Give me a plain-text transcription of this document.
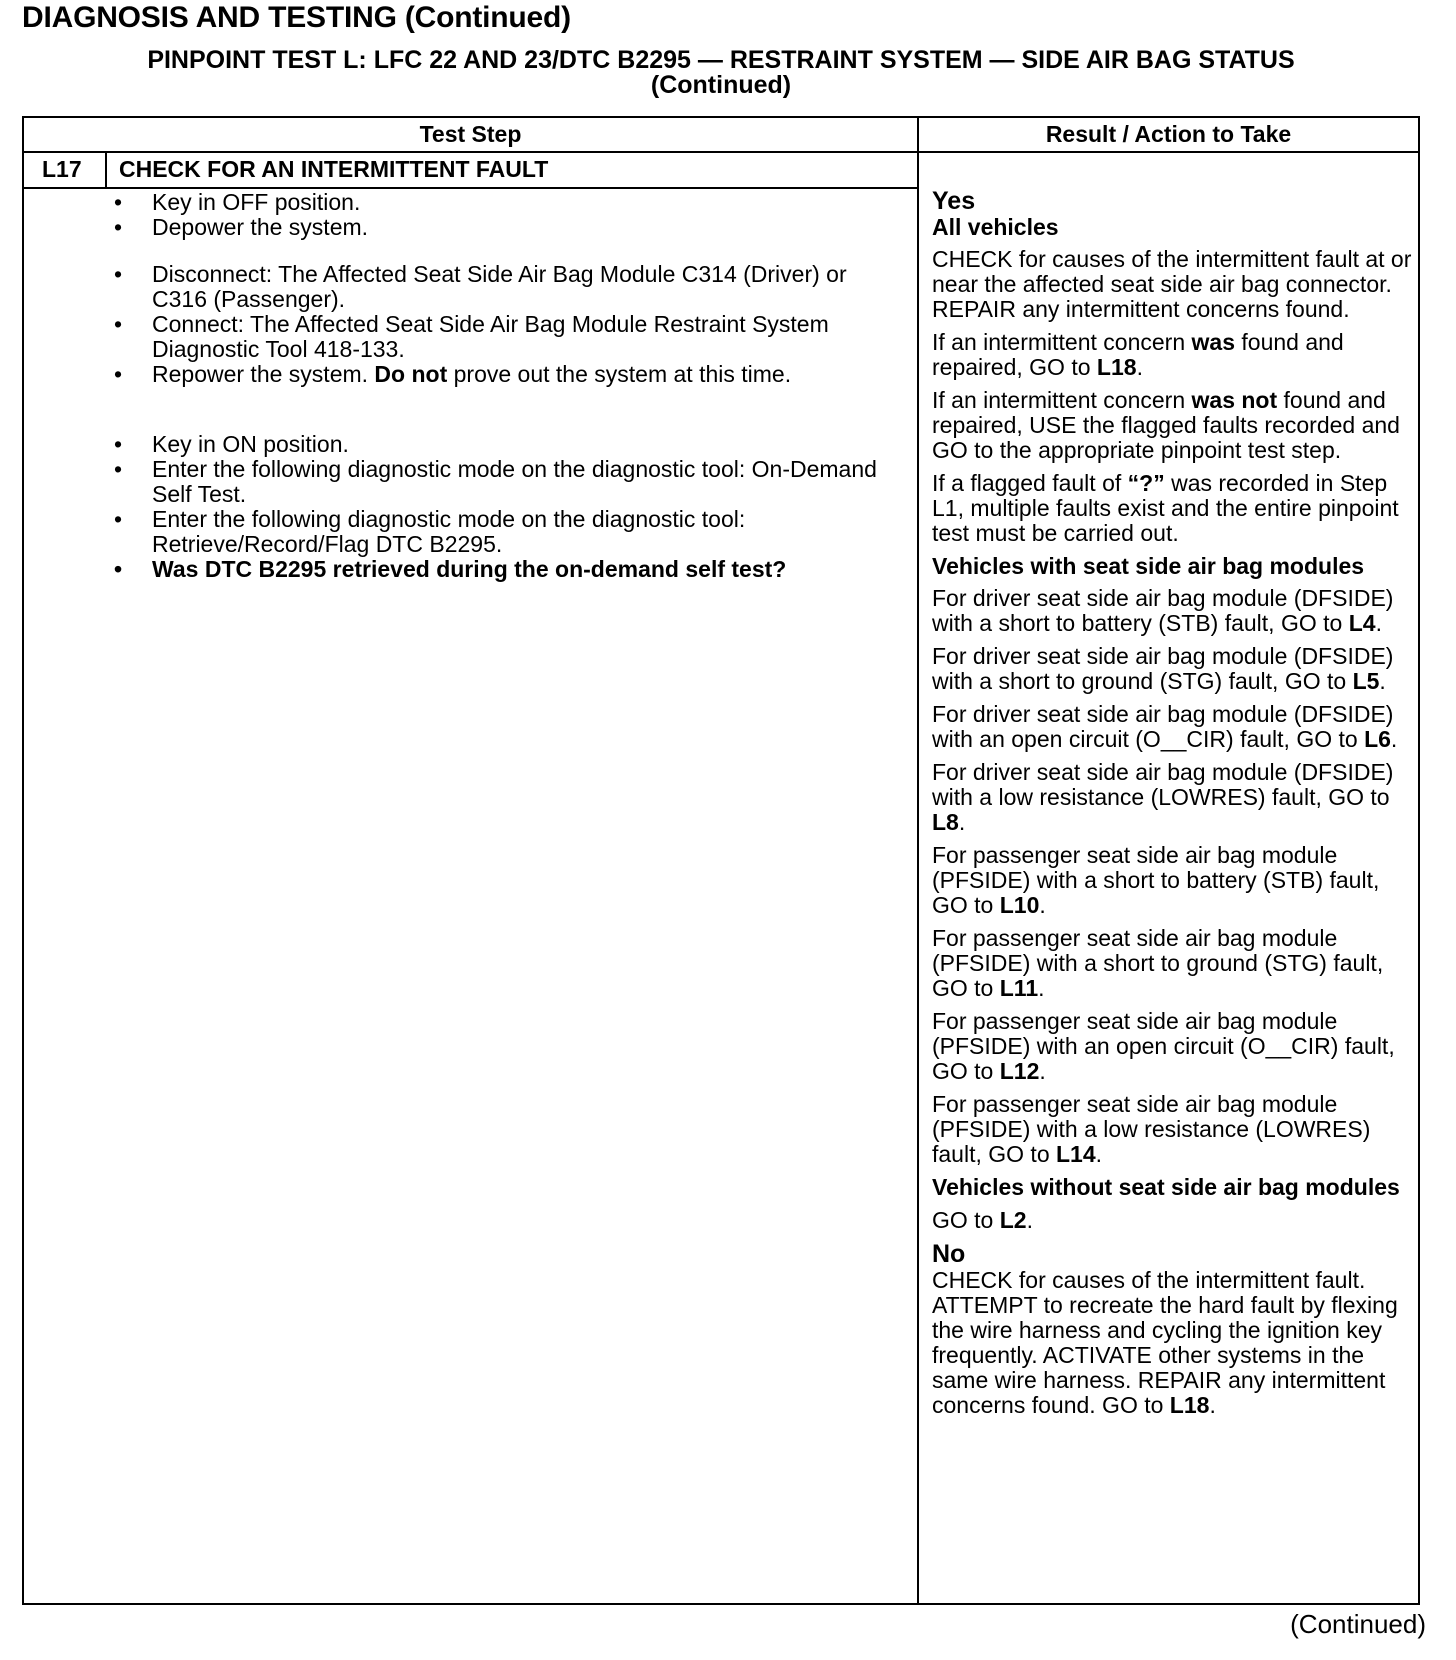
DIAGNOSIS AND TESTING (Continued)
PINPOINT TEST L: LFC 22 AND 23/DTC B2295 — RESTRAINT SYSTEM — SIDE AIR BAG STATUS
(Continued)
Test Step	Result / Action to Take
L17 CHECK FOR AN INTERMITTENT FAULT

• Key in OFF position.

• Depower the system.

• Disconnect: The Affected Seat Side Air Bag Module C314 (Driver) or C316 (Passenger).

• Connect: The Affected Seat Side Air Bag Module Restraint System Diagnostic Tool 418-133.

• Repower the system. Do not prove out the system at this time.

• Key in ON position.

• Enter the following diagnostic mode on the diagnostic tool: On-Demand Self Test.

• Enter the following diagnostic mode on the diagnostic tool: Retrieve/Record/Flag DTC B2295.

• Was DTC B2295 retrieved during the on-demand self test?

Yes

All vehicles

CHECK for causes of the intermittent fault at or near the affected seat side air bag connector. REPAIR any intermittent concerns found.

If an intermittent concern was found and repaired, GO to L18.

If an intermittent concern was not found and repaired, USE the flagged faults recorded and GO to the appropriate pinpoint test step.

If a flagged fault of “?” was recorded in Step L1, multiple faults exist and the entire pinpoint test must be carried out.

Vehicles with seat side air bag modules

For driver seat side air bag module (DFSIDE) with a short to battery (STB) fault, GO to L4.

For driver seat side air bag module (DFSIDE) with a short to ground (STG) fault, GO to L5.

For driver seat side air bag module (DFSIDE) with an open circuit (O__CIR) fault, GO to L6.

For driver seat side air bag module (DFSIDE) with a low resistance (LOWRES) fault, GO to L8.

For passenger seat side air bag module (PFSIDE) with a short to battery (STB) fault, GO to L10.

For passenger seat side air bag module (PFSIDE) with a short to ground (STG) fault, GO to L11.

For passenger seat side air bag module (PFSIDE) with an open circuit (O__CIR) fault, GO to L12.

For passenger seat side air bag module (PFSIDE) with a low resistance (LOWRES) fault, GO to L14.

Vehicles without seat side air bag modules

GO to L2.

No

CHECK for causes of the intermittent fault. ATTEMPT to recreate the hard fault by flexing the wire harness and cycling the ignition key frequently. ACTIVATE other systems in the same wire harness. REPAIR any intermittent concerns found. GO to L18.

(Continued)
